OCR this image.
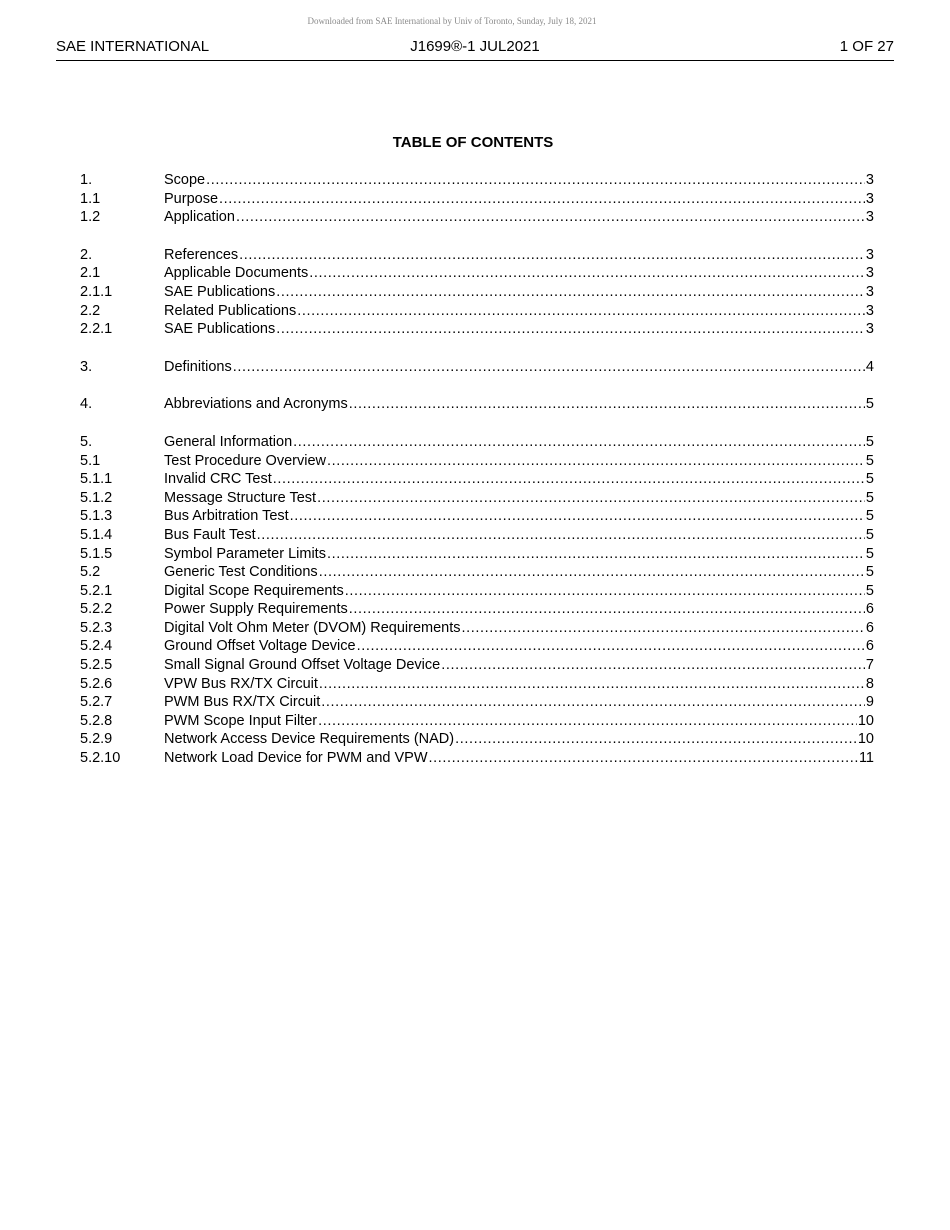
Downloaded from SAE International by Univ of Toronto, Sunday, July 18, 2021
SAE INTERNATIONAL	J1699®-1 JUL2021	1 OF 27
TABLE OF CONTENTS
1.	Scope .....	3
1.1	Purpose .....	3
1.2	Application .....	3
2.	References .....	3
2.1	Applicable Documents .....	3
2.1.1	SAE Publications .....	3
2.2	Related Publications .....	3
2.2.1	SAE Publications .....	3
3.	Definitions .....	4
4.	Abbreviations and Acronyms .....	5
5.	General Information .....	5
5.1	Test Procedure Overview .....	5
5.1.1	Invalid CRC Test .....	5
5.1.2	Message Structure Test .....	5
5.1.3	Bus Arbitration Test .....	5
5.1.4	Bus Fault Test .....	5
5.1.5	Symbol Parameter Limits .....	5
5.2	Generic Test Conditions .....	5
5.2.1	Digital Scope Requirements .....	5
5.2.2	Power Supply Requirements .....	6
5.2.3	Digital Volt Ohm Meter (DVOM) Requirements .....	6
5.2.4	Ground Offset Voltage Device .....	6
5.2.5	Small Signal Ground Offset Voltage Device .....	7
5.2.6	VPW Bus RX/TX Circuit .....	8
5.2.7	PWM Bus RX/TX Circuit .....	9
5.2.8	PWM Scope Input Filter .....	10
5.2.9	Network Access Device Requirements (NAD) .....	10
5.2.10	Network Load Device for PWM and VPW .....	11
